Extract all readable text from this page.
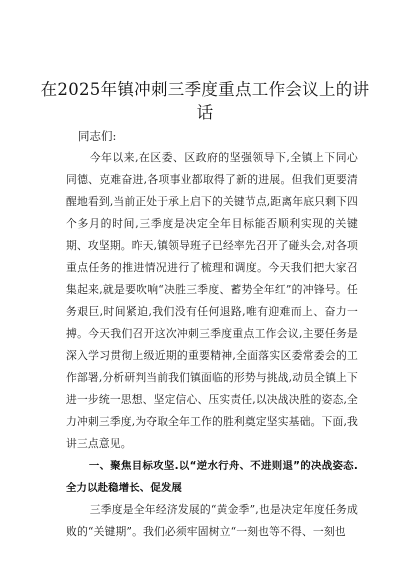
在2025年镇冲刺三季度重点工作会议上的讲话
同志们:

今年以来,在区委、区政府的坚强领导下,全镇上下同心同德、克难奋进,各项事业都取得了新的进展。但我们更要清醒地看到,当前正处于承上启下的关键节点,距离年底只剩下四个多月的时间,三季度是决定全年目标能否顺利实现的关键期、攻坚期。昨天,镇领导班子已经率先召开了碰头会,对各项重点任务的推进情况进行了梳理和调度。今天我们把大家召集起来,就是要吹响“决胜三季度、蓄势全年红”的冲锋号。任务艰巨,时间紧迫,我们没有任何退路,唯有迎难而上、奋力一搏。今天我们召开这次冲刺三季度重点工作会议,主要任务是深入学习贯彻上级近期的重要精神,全面落实区委常委会的工作部署,分析研判当前我们镇面临的形势与挑战,动员全镇上下进一步统一思想、坚定信心、压实责任,以决战决胜的姿态,全力冲刺三季度,为夺取全年工作的胜利奠定坚实基础。下面,我讲三点意见。

一、聚焦目标攻坚.以“逆水行舟、不进则退”的决战姿态.全力以赴稳增长、促发展

三季度是全年经济发展的“黄金季”,也是决定年度任务成败的“关键期”。我们必须牢固树立“一刻也等不得、一刻也
